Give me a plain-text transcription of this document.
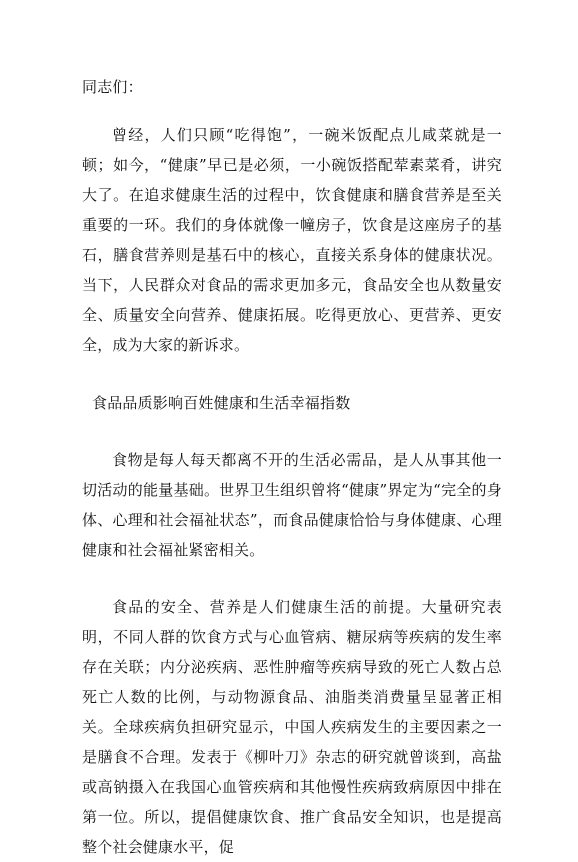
同志们：

曾经，人们只顾“吃得饱”，一碗米饭配点儿咸菜就是一顿；如今，“健康”早已是必须，一小碗饭搭配荤素菜肴，讲究大了。在追求健康生活的过程中，饮食健康和膳食营养是至关重要的一环。我们的身体就像一幢房子，饮食是这座房子的基石，膳食营养则是基石中的核心，直接关系身体的健康状况。当下，人民群众对食品的需求更加多元，食品安全也从数量安全、质量安全向营养、健康拓展。吃得更放心、更营养、更安全，成为大家的新诉求。

食品品质影响百姓健康和生活幸福指数

食物是每人每天都离不开的生活必需品，是人从事其他一切活动的能量基础。世界卫生组织曾将“健康”界定为“完全的身体、心理和社会福祉状态”，而食品健康恰恰与身体健康、心理健康和社会福祉紧密相关。

食品的安全、营养是人们健康生活的前提。大量研究表明，不同人群的饮食方式与心血管病、糖尿病等疾病的发生率存在关联；内分泌疾病、恶性肿瘤等疾病导致的死亡人数占总死亡人数的比例，与动物源食品、油脂类消费量呈显著正相关。全球疾病负担研究显示，中国人疾病发生的主要因素之一是膳食不合理。发表于《柳叶刀》杂志的研究就曾谈到，高盐或高钠摄入在我国心血管疾病和其他慢性疾病致病原因中排在第一位。所以，提倡健康饮食、推广食品安全知识，也是提高整个社会健康水平，促
